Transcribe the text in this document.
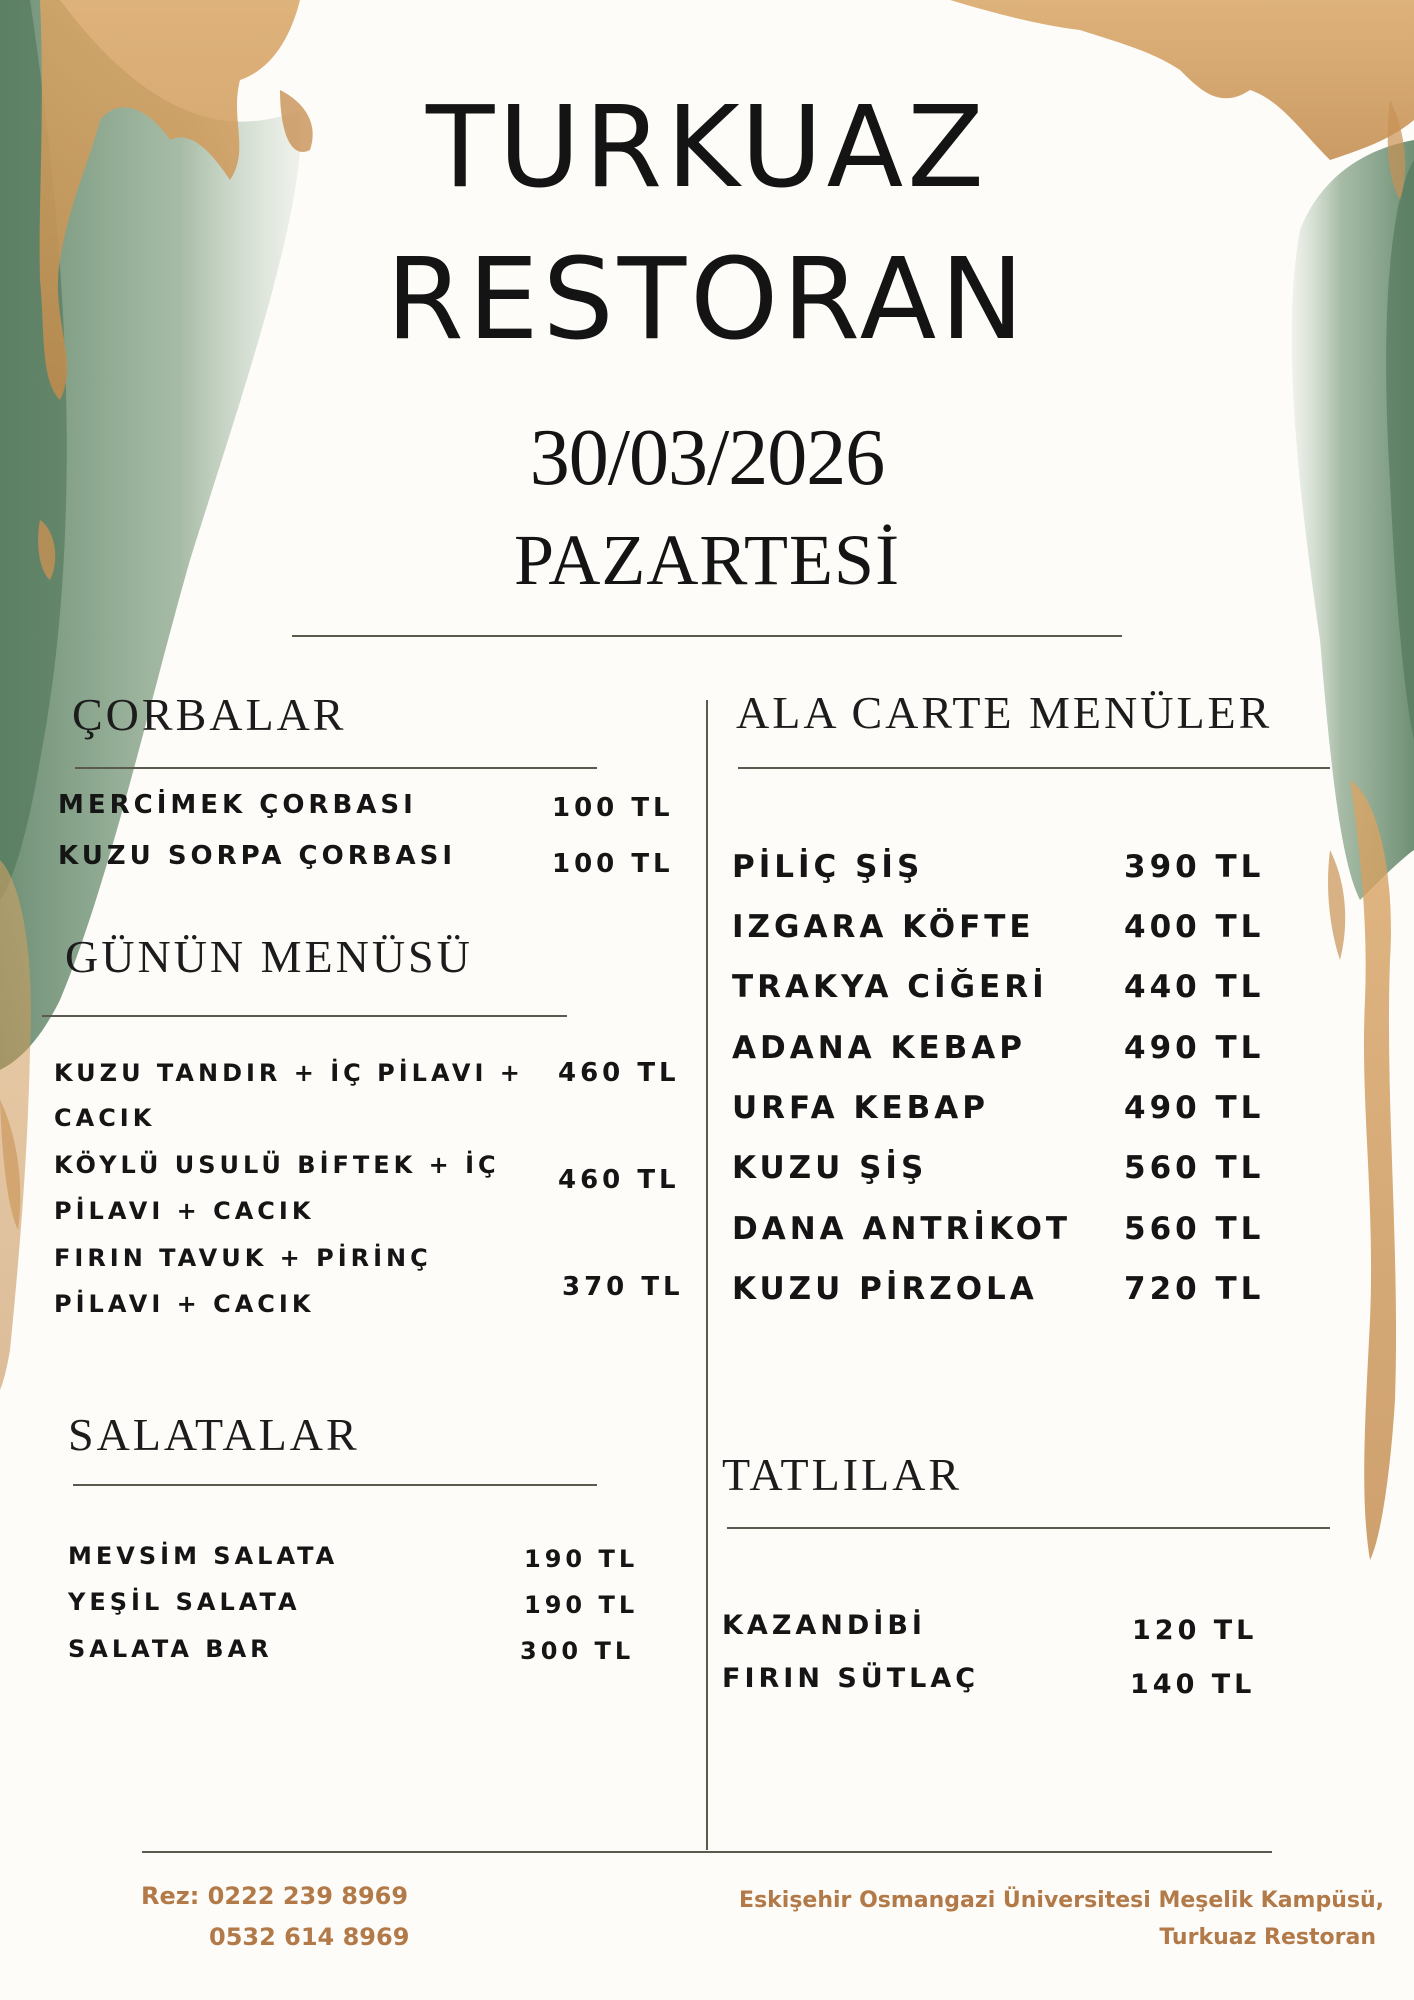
TURKUAZ
RESTORAN
30/03/2026
PAZARTESİ
ÇORBALAR
MERCİMEK ÇORBASI	100 TL
KUZU SORPA ÇORBASI	100 TL
GÜNÜN MENÜSÜ
KUZU TANDIR + İÇ PİLAVI +
CACIK
460 TL
KÖYLÜ USULÜ BİFTEK + İÇ
PİLAVI + CACIK
460 TL
FIRIN TAVUK + PİRİNÇ
PİLAVI + CACIK
370 TL
SALATALAR
MEVSİM SALATA	190 TL
YEŞİL SALATA	190 TL
SALATA BAR	300 TL
ALA CARTE MENÜLER
PİLİÇ ŞİŞ	390 TL
IZGARA KÖFTE	400 TL
TRAKYA CİĞERİ 440 TL
ADANA KEBAP	490 TL
URFA KEBAP	490 TL
KUZU ŞİŞ	560 TL
DANA ANTRİKOT 560 TL
KUZU PİRZOLA	720 TL
TATLILAR
KAZANDİBİ	120 TL
FIRIN SÜTLAÇ	140 TL
Rez: 0222 239 8969
0532 614 8969
Eskişehir Osmangazi Üniversitesi Meşelik Kampüsü,
Turkuaz Restoran
